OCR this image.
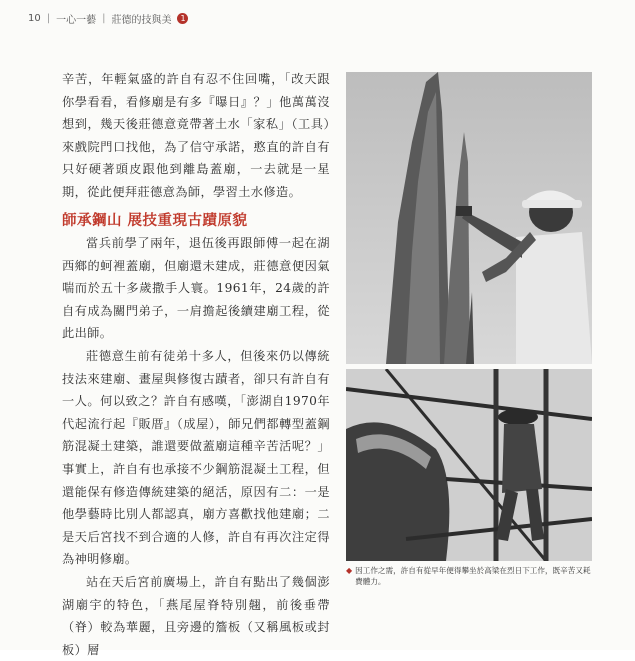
10 | 一心一藝 | 莊德的技與美	1

辛苦，年輕氣盛的許自有忍不住回嘴，「改天跟你學看看，看修廟是有多『曝日』？」他萬萬沒想到，幾天後莊德意竟帶著土水「家私」（工具）來戲院門口找他，為了信守承諾，憨直的許自有只好硬著頭皮跟他到離島蓋廟，一去就是一星期，從此便拜莊德意為師，學習土水修造。

師承鋼山 展技重現古蹟原貌

當兵前學了兩年，退伍後再跟師傅一起在湖西鄉的蚵裡蓋廟，但廟還未建成，莊德意便因氣喘而於五十多歲撒手人寰。1961年，24歲的許自有成為關門弟子，一肩擔起後續建廟工程，從此出師。

莊德意生前有徒弟十多人，但後來仍以傳統技法來建廟、畫屋與修復古蹟者，卻只有許自有一人。何以致之？許自有感嘆，「澎湖自1970年代起流行起『販厝』（成屋），師兄們都轉型蓋鋼筋混凝土建築，誰還要做蓋廟這種辛苦活呢？」事實上，許自有也承接不少鋼筋混凝土工程，但還能保有修造傳統建築的絕活，原因有二：一是他學藝時比別人都認真，廟方喜歡找他建廟；二是天后宮找不到合適的人修，許自有再次注定得為神明修廟。

站在天后宮前廣場上，許自有點出了幾個澎湖廟宇的特色，「燕尾屋脊特別翹，前後垂帶（脊）較為華麗，且旁邊的簷板（又稱風板或封板）層

◆ 因工作之需，許自有從早年便得攀坐於高梁在烈日下工作，既辛苦又耗費體力。
